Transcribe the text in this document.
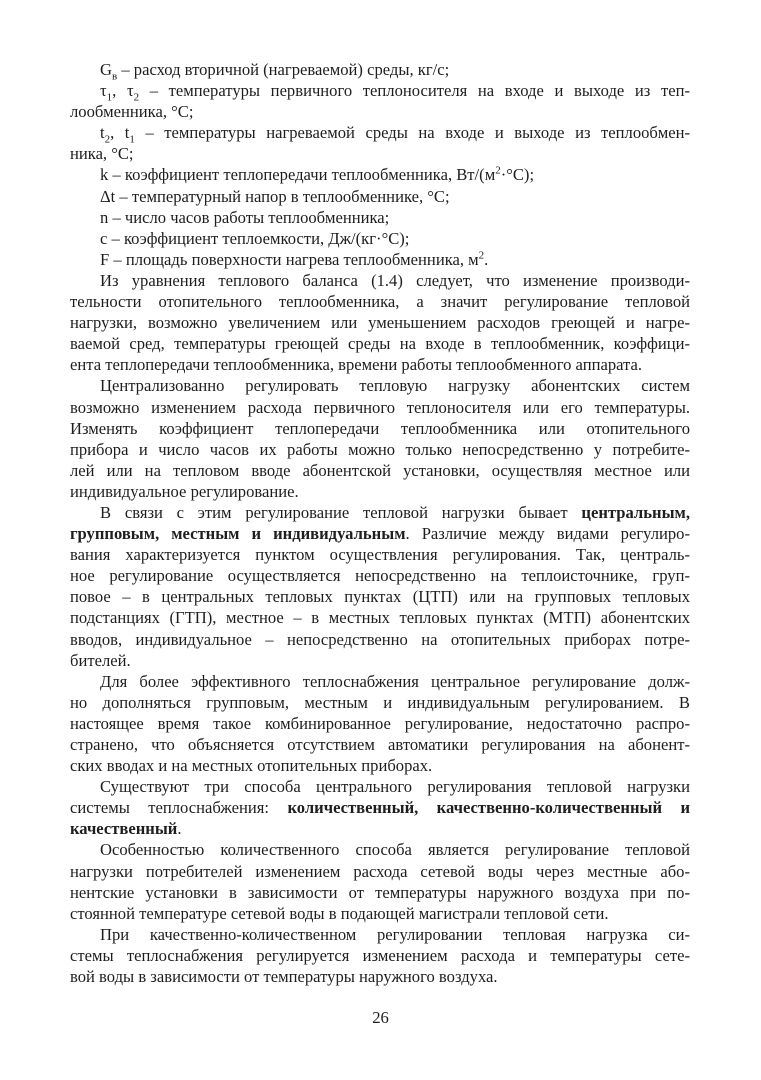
$G_в$ – расход вторичной (нагреваемой) среды, кг/с;
$\tau_1$, $\tau_2$ – температуры первичного теплоносителя на входе и выходе из теп-
лообменника, °С;
$t_2$, $t_1$ – температуры нагреваемой среды на входе и выходе из теплообмен-
ника, °С;
k – коэффициент теплопередачи теплообменника, $Вт/(м^2\cdot^\circ С)$;
Δt – температурный напор в теплообменнике, °С;
n – число часов работы теплообменника;
с – коэффициент теплоемкости, Дж/(кг·°С);
F – площадь поверхности нагрева теплообменника, $м^2$.
Из уравнения теплового баланса (1.4) следует, что изменение производи-
тельности отопительного теплообменника, а значит регулирование тепловой
нагрузки, возможно увеличением или уменьшением расходов греющей и нагре-
ваемой сред, температуры греющей среды на входе в теплообменник, коэффици-
ента теплопередачи теплообменника, времени работы теплообменного аппарата.
Централизованно регулировать тепловую нагрузку абонентских систем
возможно изменением расхода первичного теплоносителя или его температуры.
Изменять коэффициент теплопередачи теплообменника или отопительного
прибора и число часов их работы можно только непосредственно у потребите-
лей или на тепловом вводе абонентской установки, осуществляя местное или
индивидуальное регулирование.
В связи с этим регулирование тепловой нагрузки бывает центральным,
групповым, местным и индивидуальным. Различие между видами регулиро-
вания характеризуется пунктом осуществления регулирования. Так, централь-
ное регулирование осуществляется непосредственно на теплоисточнике, груп-
повое – в центральных тепловых пунктах (ЦТП) или на групповых тепловых
подстанциях (ГТП), местное – в местных тепловых пунктах (МТП) абонентских
вводов, индивидуальное – непосредственно на отопительных приборах потре-
бителей.
Для более эффективного теплоснабжения центральное регулирование долж-
но дополняться групповым, местным и индивидуальным регулированием. В
настоящее время такое комбинированное регулирование, недостаточно распро-
странено, что объясняется отсутствием автоматики регулирования на абонент-
ских вводах и на местных отопительных приборах.
Существуют три способа центрального регулирования тепловой нагрузки
системы теплоснабжения: количественный, качественно-количественный и
качественный.
Особенностью количественного способа является регулирование тепловой
нагрузки потребителей изменением расхода сетевой воды через местные або-
нентские установки в зависимости от температуры наружного воздуха при по-
стоянной температуре сетевой воды в подающей магистрали тепловой сети.
При качественно-количественном регулировании тепловая нагрузка си-
стемы теплоснабжения регулируется изменением расхода и температуры сете-
вой воды в зависимости от температуры наружного воздуха.
26
